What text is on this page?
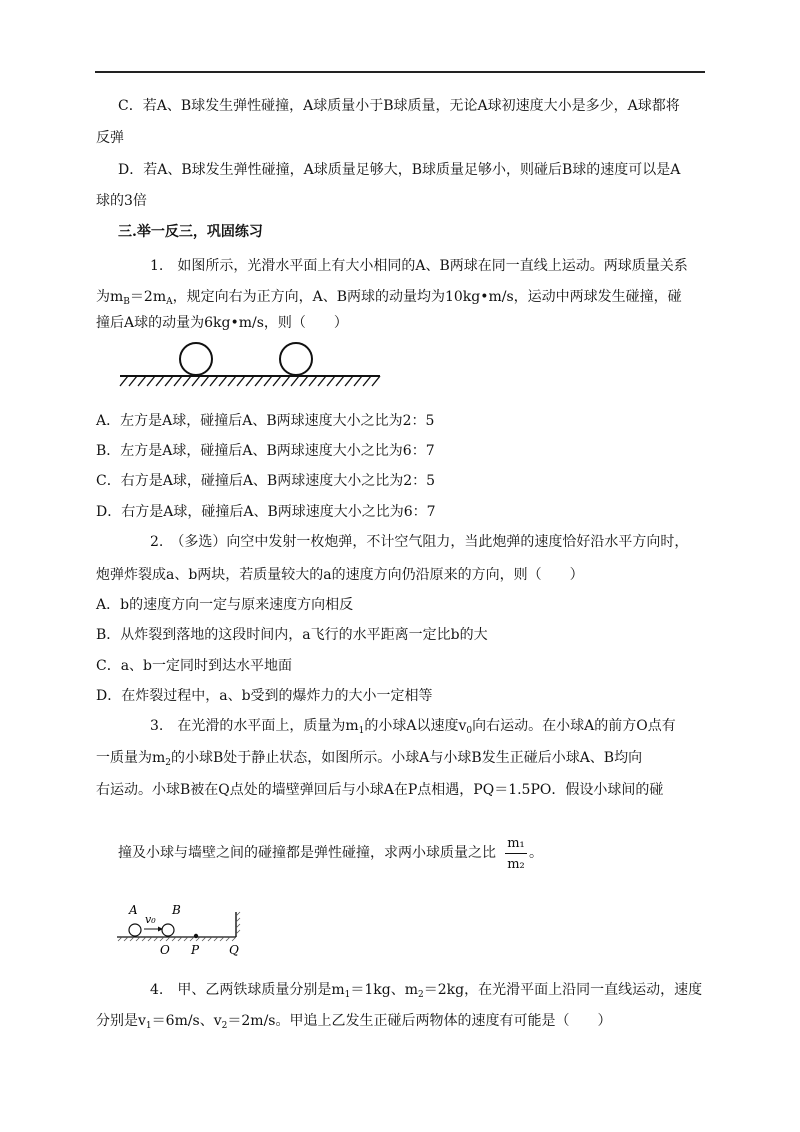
C．若A、B球发生弹性碰撞，A球质量小于B球质量，无论A球初速度大小是多少，A球都将
反弹
D．若A、B球发生弹性碰撞，A球质量足够大，B球质量足够小，则碰后B球的速度可以是A
球的3倍
三.举一反三，巩固练习
1.　如图所示，光滑水平面上有大小相同的A、B两球在同一直线上运动。两球质量关系
为$m_B=2m_A$，规定向右为正方向，A、B两球的动量均为10kg•m/s，运动中两球发生碰撞，碰
撞后A球的动量为6kg•m/s，则（　　）
A．左方是A球，碰撞后A、B两球速度大小之比为2：5
B．左方是A球，碰撞后A、B两球速度大小之比为6：7
C．右方是A球，碰撞后A、B两球速度大小之比为2：5
D．右方是A球，碰撞后A、B两球速度大小之比为6：7
2.　（多选）向空中发射一枚炮弹，不计空气阻力，当此炮弹的速度恰好沿水平方向时，
炮弹炸裂成a、b两块，若质量较大的a的速度方向仍沿原来的方向，则（　　）
A．b的速度方向一定与原来速度方向相反
B．从炸裂到落地的这段时间内，a飞行的水平距离一定比b的大
C．a、b一定同时到达水平地面
D．在炸裂过程中，a、b受到的爆炸力的大小一定相等
3.　在光滑的水平面上，质量为$m_1$的小球A以速度$v_0$向右运动。在小球A的前方O点有
一质量为$m_2$的小球B处于静止状态，如图所示。小球A与小球B发生正碰后小球A、B均向
右运动。小球B被在Q点处的墙壁弹回后与小球A在P点相遇，PQ＝1.5PO．假设小球间的碰
撞及小球与墙壁之间的碰撞都是弹性碰撞，求两小球质量之比 $\frac{\text{m₁}}{\text{m₂}}$ 。
A
v₀
B
O P Q
4.　甲、乙两铁球质量分别是$m_1=1kg$、$m_2=2kg$，在光滑平面上沿同一直线运动，速度
分别是$v_1=6m/s$、$v_2=2m/s$。甲追上乙发生正碰后两物体的速度有可能是（　　）
